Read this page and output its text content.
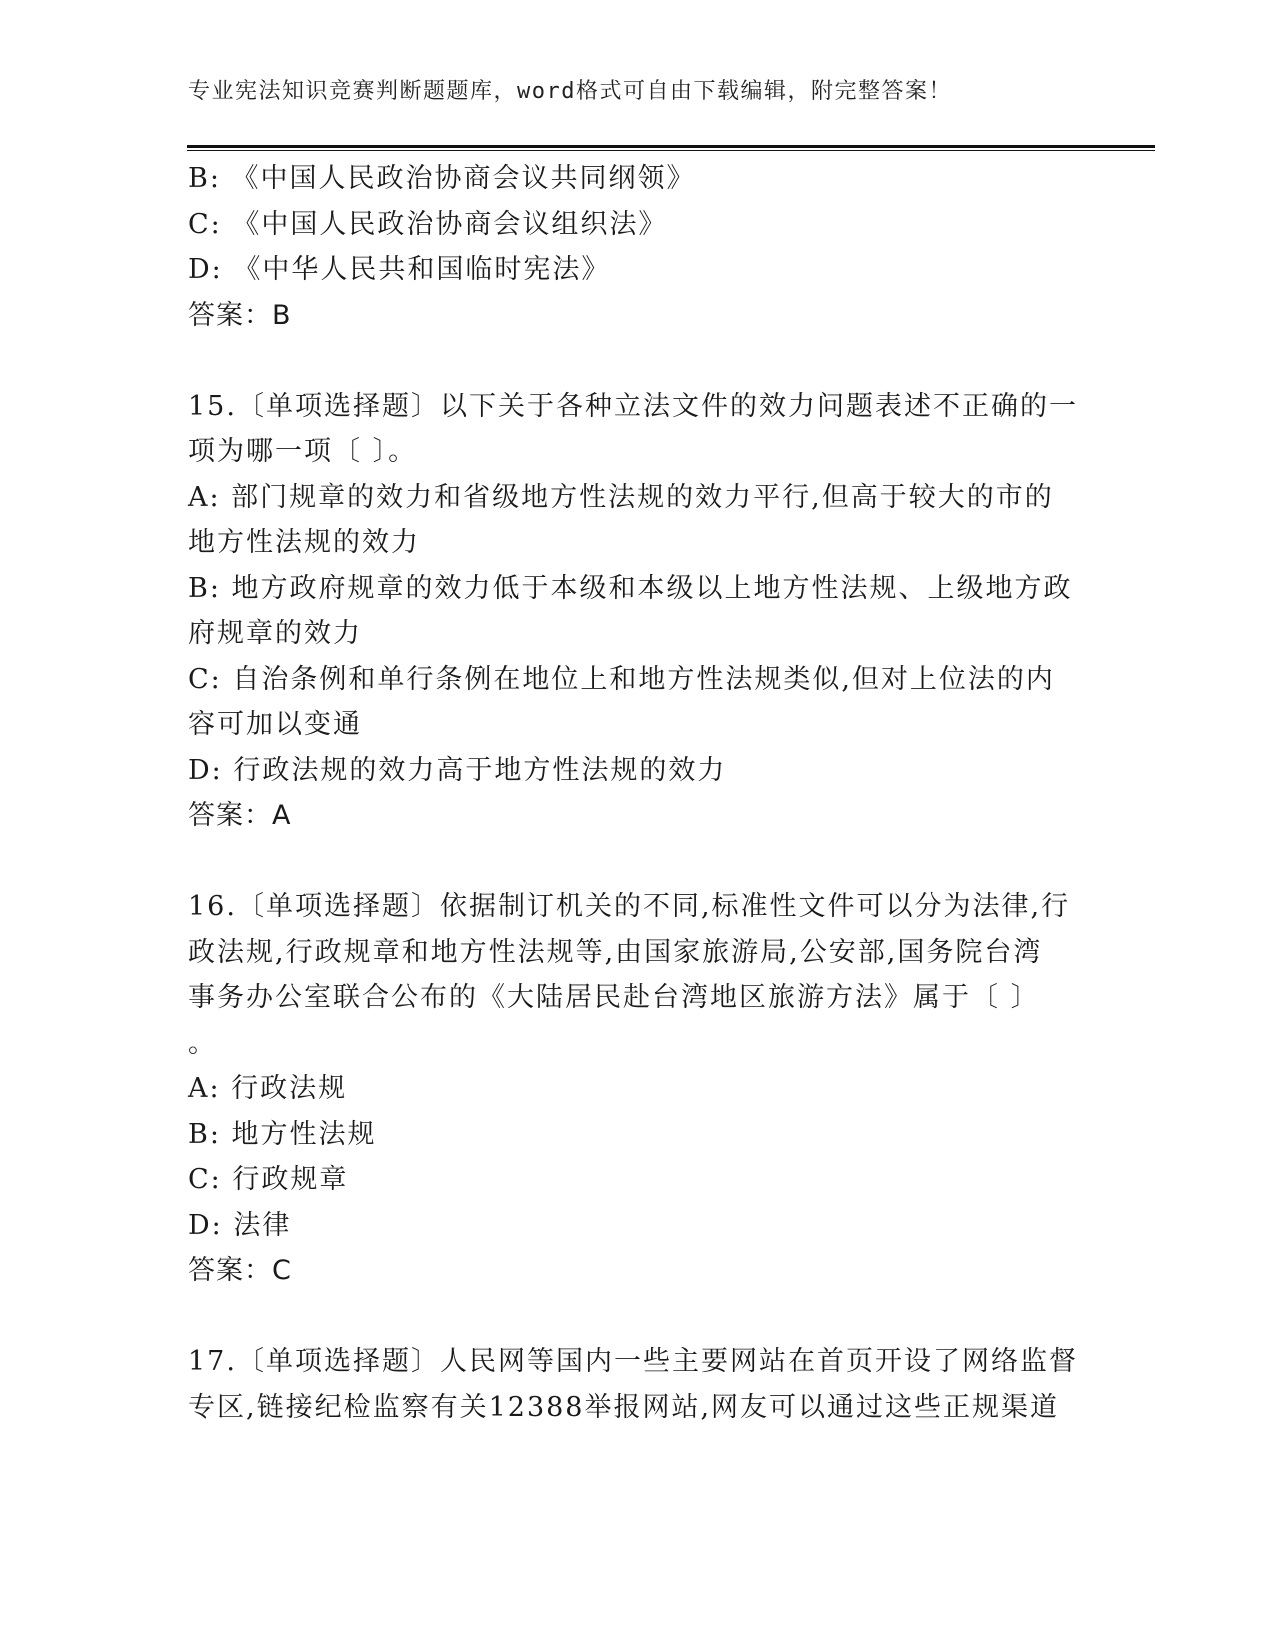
专业宪法知识竞赛判断题题库，word格式可自由下载编辑，附完整答案！

B: 《中国人民政治协商会议共同纲领》

C: 《中国人民政治协商会议组织法》

D: 《中华人民共和国临时宪法》

答案：B

15.〔单项选择题〕以下关于各种立法文件的效力问题表述不正确的一

项为哪一项〔 〕。

A: 部门规章的效力和省级地方性法规的效力平行,但高于较大的市的

地方性法规的效力

B: 地方政府规章的效力低于本级和本级以上地方性法规、上级地方政

府规章的效力

C: 自治条例和单行条例在地位上和地方性法规类似,但对上位法的内

容可加以变通

D: 行政法规的效力高于地方性法规的效力

答案：A

16.〔单项选择题〕依据制订机关的不同,标准性文件可以分为法律,行

政法规,行政规章和地方性法规等,由国家旅游局,公安部,国务院台湾

事务办公室联合公布的《大陆居民赴台湾地区旅游方法》属于〔 〕

。

A: 行政法规

B: 地方性法规

C: 行政规章

D: 法律

答案：C

17.〔单项选择题〕人民网等国内一些主要网站在首页开设了网络监督

专区,链接纪检监察有关12388举报网站,网友可以通过这些正规渠道
